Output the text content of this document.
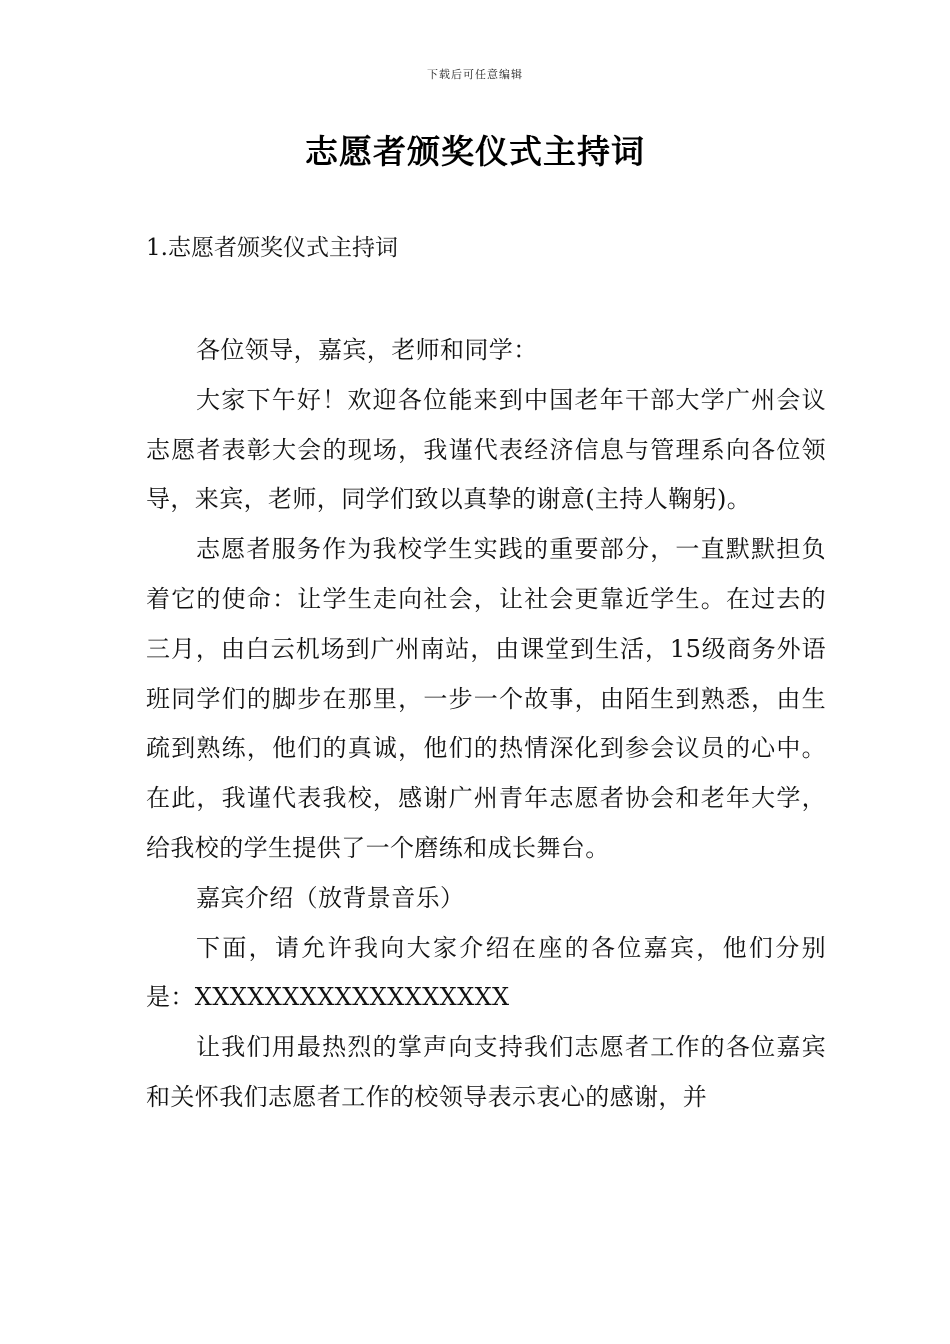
下载后可任意编辑
志愿者颁奖仪式主持词
1.志愿者颁奖仪式主持词

各位领导，嘉宾，老师和同学：

大家下午好！欢迎各位能来到中国老年干部大学广州会议志愿者表彰大会的现场，我谨代表经济信息与管理系向各位领导，来宾，老师，同学们致以真挚的谢意(主持人鞠躬)。

志愿者服务作为我校学生实践的重要部分，一直默默担负着它的使命：让学生走向社会，让社会更靠近学生。在过去的三月，由白云机场到广州南站，由课堂到生活，15级商务外语班同学们的脚步在那里，一步一个故事，由陌生到熟悉，由生疏到熟练，他们的真诚，他们的热情深化到参会议员的心中。在此，我谨代表我校，感谢广州青年志愿者协会和老年大学，给我校的学生提供了一个磨练和成长舞台。

嘉宾介绍（放背景音乐）

下面，请允许我向大家介绍在座的各位嘉宾，他们分别是：XXXXXXXXXXXXXXXXXX

让我们用最热烈的掌声向支持我们志愿者工作的各位嘉宾和关怀我们志愿者工作的校领导表示衷心的感谢，并
